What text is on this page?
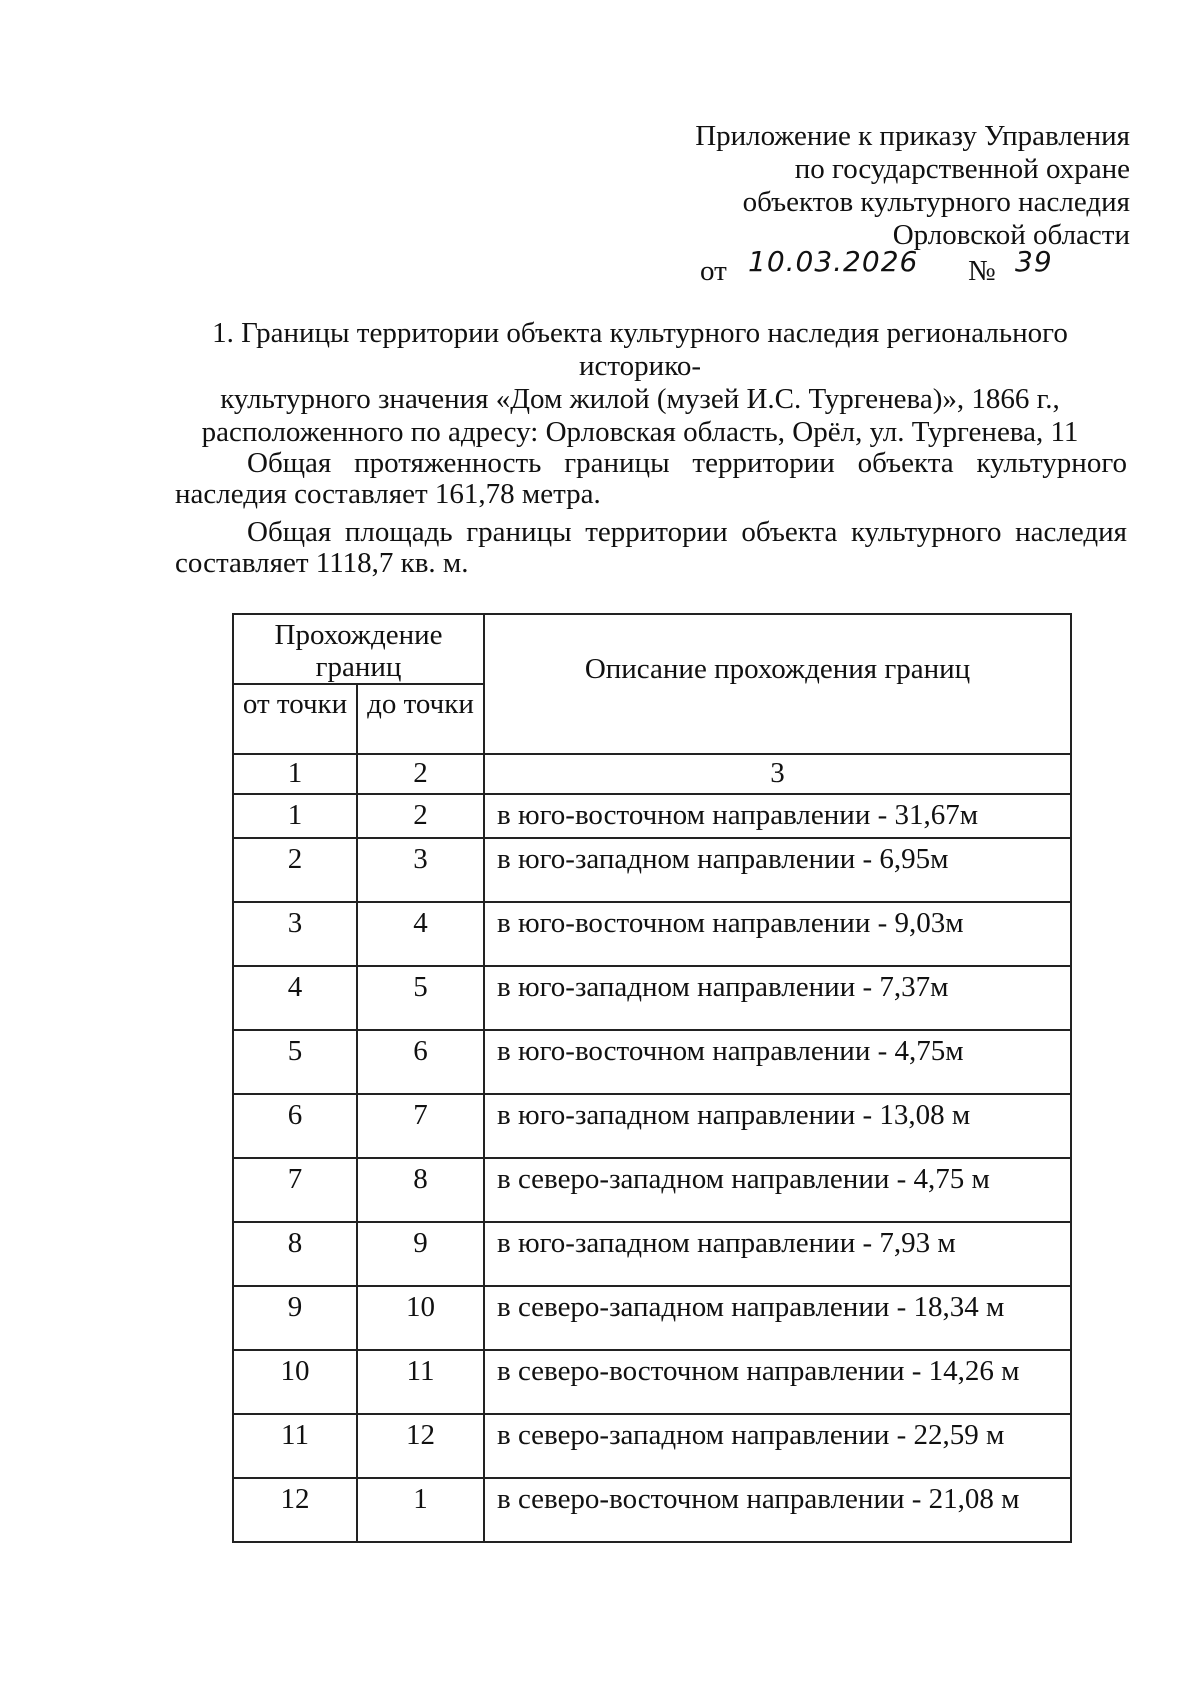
Приложение к приказу Управления
по государственной охране
объектов культурного наследия
Орловской области
от 10.03.2026 № 39
1. Границы территории объекта культурного наследия регионального историко-
культурного значения «Дом жилой (музей И.С. Тургенева)», 1866 г.,
расположенного по адресу: Орловская область, Орёл, ул. Тургенева, 11
Общая протяженность границы территории объекта культурного наследия составляет 161,78 метра.
Общая площадь границы территории объекта культурного наследия составляет 1118,7 кв. м.
Прохождение границ		Описание прохождения границ
от точки	до точки	
1	2	3
1	2	в юго-восточном направлении - 31,67м
2	3	в юго-западном направлении - 6,95м
3	4	в юго-восточном направлении - 9,03м
4	5	в юго-западном направлении - 7,37м
5	6	в юго-восточном направлении - 4,75м
6	7	в юго-западном направлении - 13,08 м
7	8	в северо-западном направлении - 4,75 м
8	9	в юго-западном направлении - 7,93 м
9	10	в северо-западном направлении - 18,34 м
10	11	в северо-восточном направлении - 14,26 м
11	12	в северо-западном направлении - 22,59 м
12	1	в северо-восточном направлении - 21,08 м
